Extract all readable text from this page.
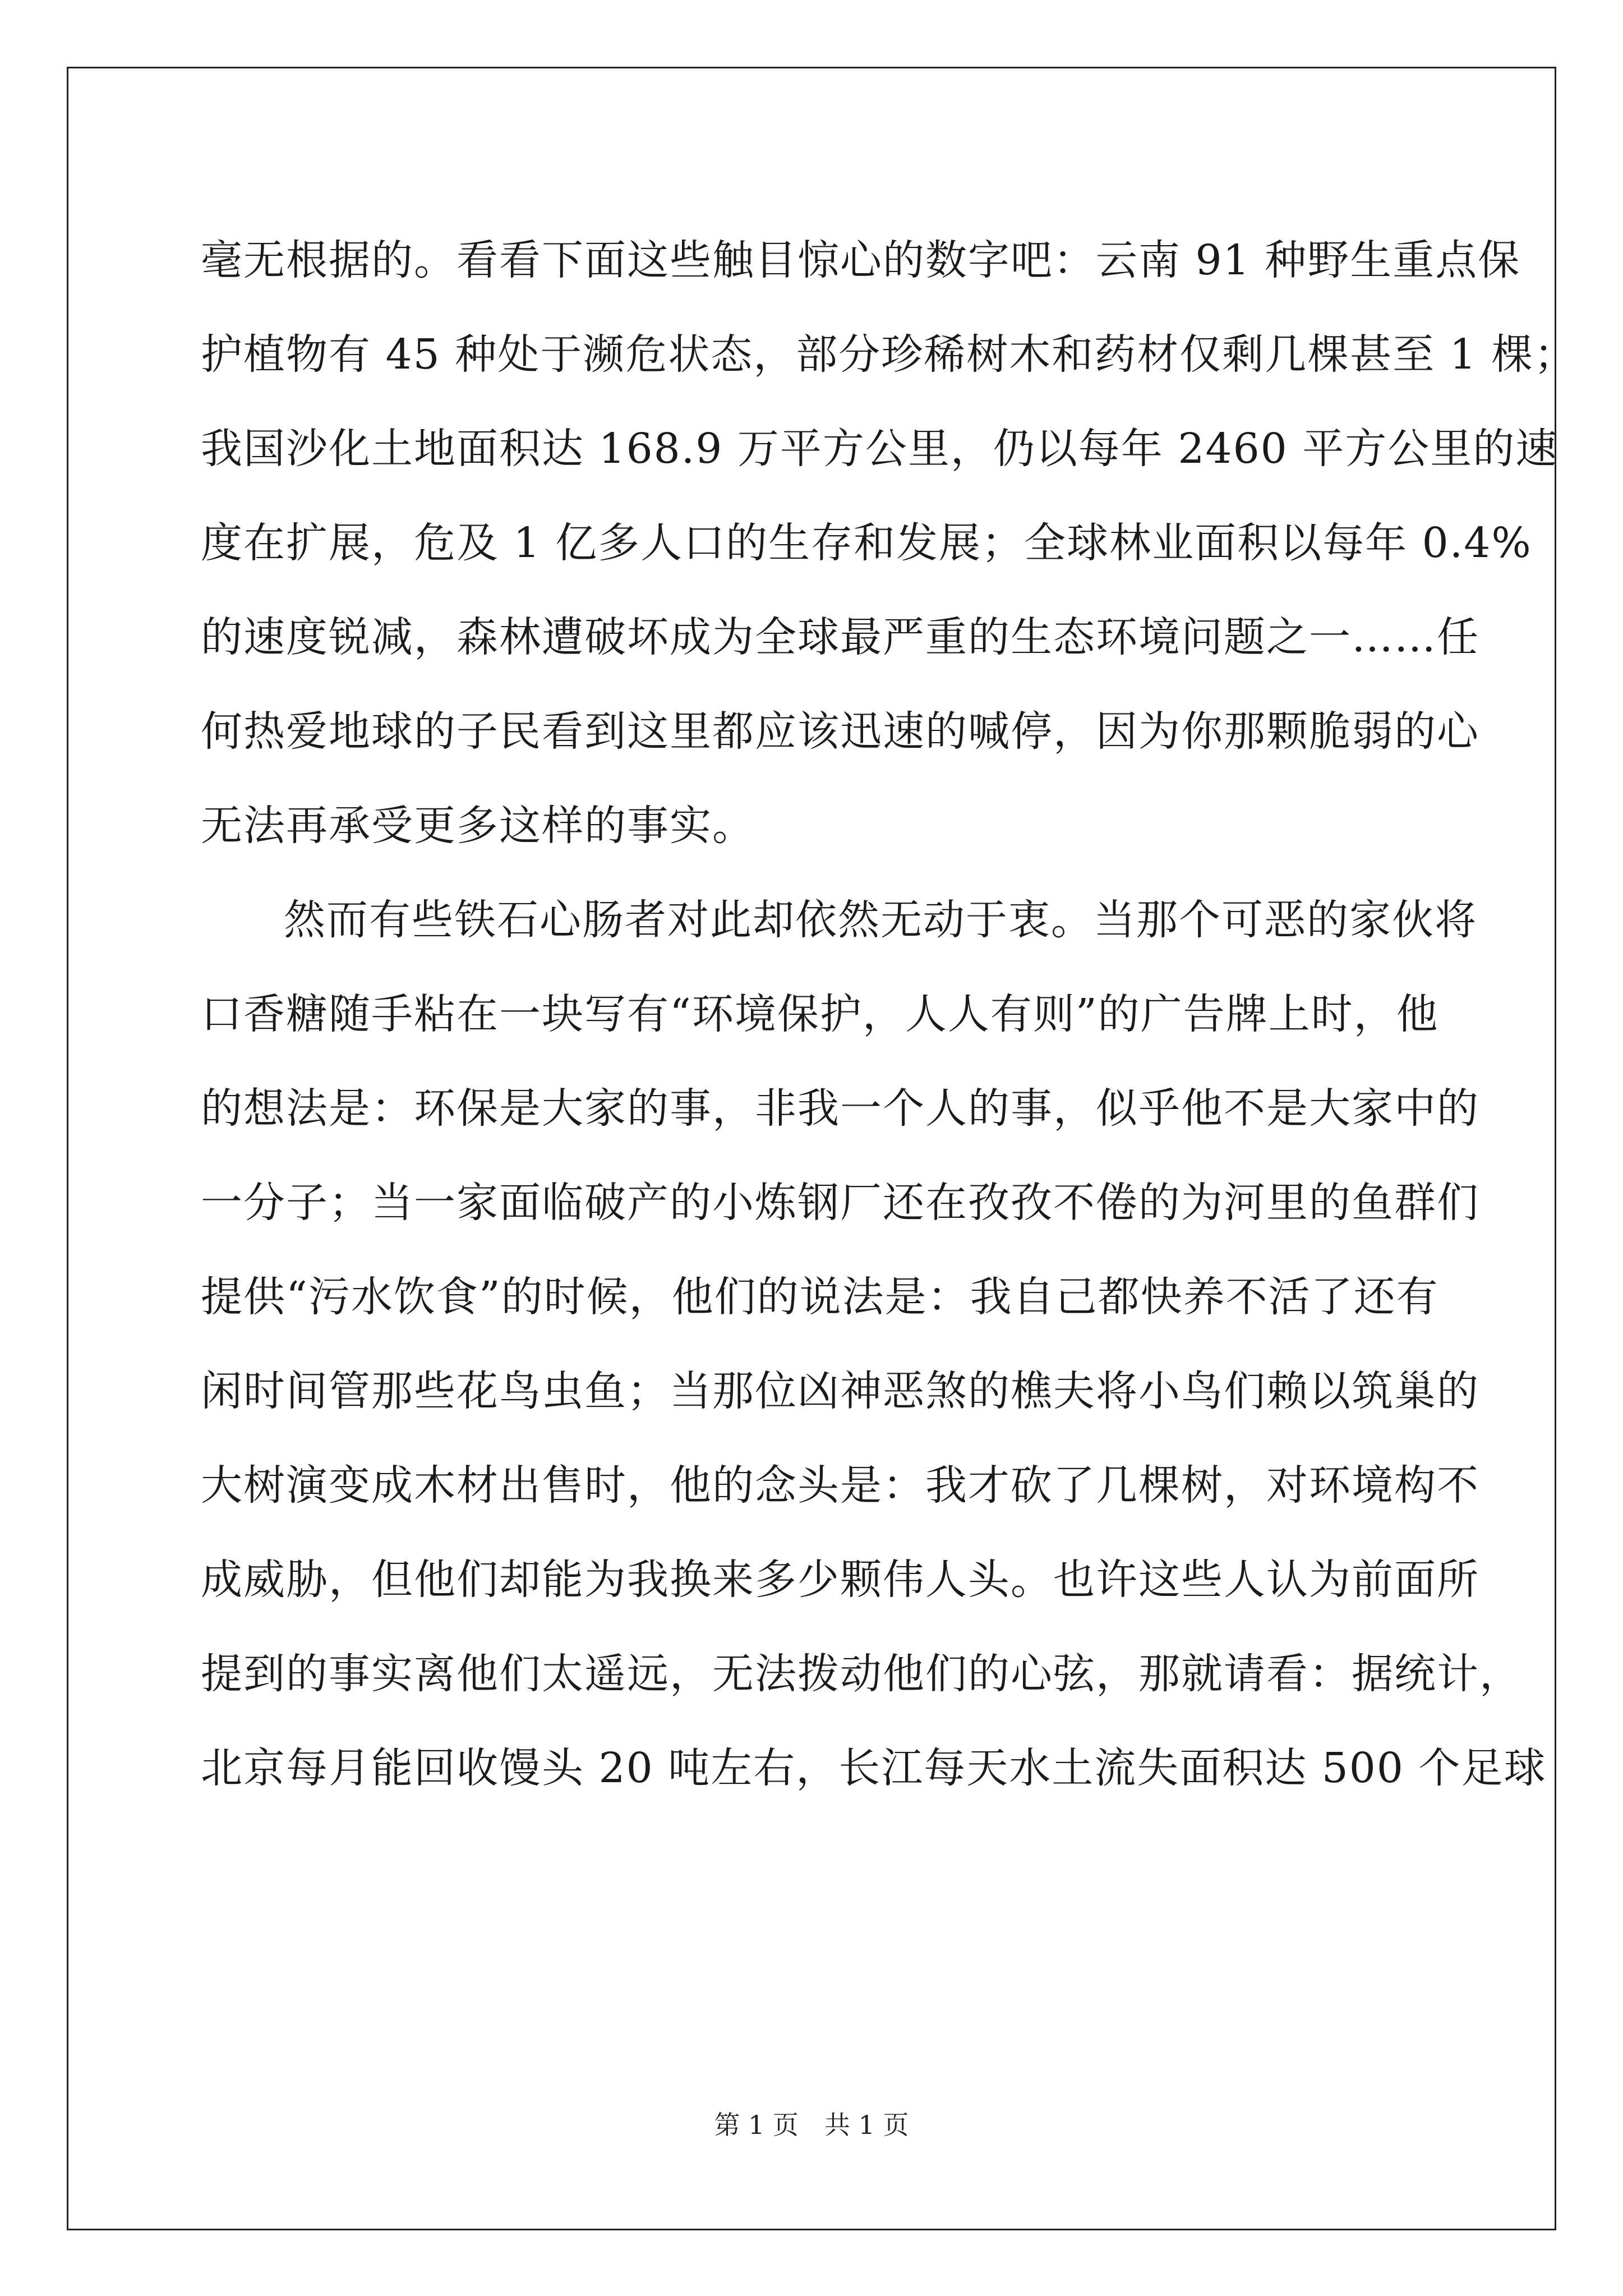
毫无根据的。看看下面这些触目惊心的数字吧：云南 91 种野生重点保
护植物有 45 种处于濒危状态，部分珍稀树木和药材仅剩几棵甚至 1 棵；
我国沙化土地面积达 168.9 万平方公里，仍以每年 2460 平方公里的速
度在扩展，危及 1 亿多人口的生存和发展；全球林业面积以每年 0.4%
的速度锐减，森林遭破坏成为全球最严重的生态环境问题之一……任
何热爱地球的子民看到这里都应该迅速的喊停，因为你那颗脆弱的心
无法再承受更多这样的事实。
然而有些铁石心肠者对此却依然无动于衷。当那个可恶的家伙将
口香糖随手粘在一块写有“环境保护，人人有则”的广告牌上时，他
的想法是：环保是大家的事，非我一个人的事，似乎他不是大家中的
一分子；当一家面临破产的小炼钢厂还在孜孜不倦的为河里的鱼群们
提供“污水饮食”的时候，他们的说法是：我自己都快养不活了还有
闲时间管那些花鸟虫鱼；当那位凶神恶煞的樵夫将小鸟们赖以筑巢的
大树演变成木材出售时，他的念头是：我才砍了几棵树，对环境构不
成威胁，但他们却能为我换来多少颗伟人头。也许这些人认为前面所
提到的事实离他们太遥远，无法拨动他们的心弦，那就请看：据统计，
北京每月能回收馒头 20 吨左右，长江每天水土流失面积达 500 个足球
第 1 页　共 1 页
